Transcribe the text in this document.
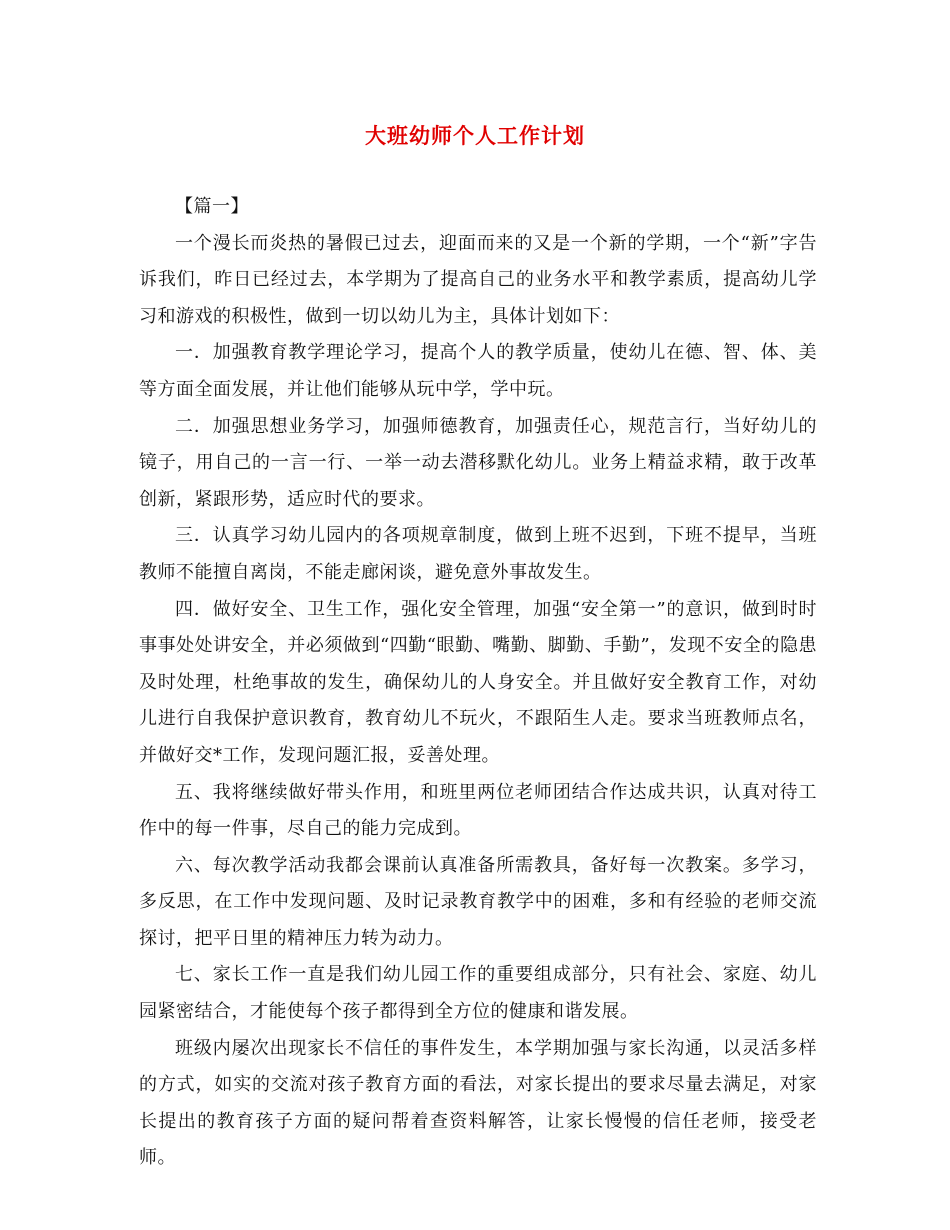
大班幼师个人工作计划

【篇一】

一个漫长而炎热的暑假已过去，迎面而来的又是一个新的学期，一个“新”字告诉我们，昨日已经过去，本学期为了提高自己的业务水平和教学素质，提高幼儿学习和游戏的积极性，做到一切以幼儿为主，具体计划如下：

一．加强教育教学理论学习，提高个人的教学质量，使幼儿在德、智、体、美等方面全面发展，并让他们能够从玩中学，学中玩。

二．加强思想业务学习，加强师德教育，加强责任心，规范言行，当好幼儿的镜子，用自己的一言一行、一举一动去潜移默化幼儿。业务上精益求精，敢于改革创新，紧跟形势，适应时代的要求。

三．认真学习幼儿园内的各项规章制度，做到上班不迟到，下班不提早，当班教师不能擅自离岗，不能走廊闲谈，避免意外事故发生。

四．做好安全、卫生工作，强化安全管理，加强“安全第一”的意识，做到时时事事处处讲安全，并必须做到“四勤“眼勤、嘴勤、脚勤、手勤”，发现不安全的隐患及时处理，杜绝事故的发生，确保幼儿的人身安全。并且做好安全教育工作，对幼儿进行自我保护意识教育，教育幼儿不玩火，不跟陌生人走。要求当班教师点名，并做好交*工作，发现问题汇报，妥善处理。

五、我将继续做好带头作用，和班里两位老师团结合作达成共识，认真对待工作中的每一件事，尽自己的能力完成到。

六、每次教学活动我都会课前认真准备所需教具，备好每一次教案。多学习，多反思，在工作中发现问题、及时记录教育教学中的困难，多和有经验的老师交流探讨，把平日里的精神压力转为动力。

七、家长工作一直是我们幼儿园工作的重要组成部分，只有社会、家庭、幼儿园紧密结合，才能使每个孩子都得到全方位的健康和谐发展。

班级内屡次出现家长不信任的事件发生，本学期加强与家长沟通，以灵活多样的方式，如实的交流对孩子教育方面的看法，对家长提出的要求尽量去满足，对家长提出的教育孩子方面的疑问帮着查资料解答，让家长慢慢的信任老师，接受老师。
